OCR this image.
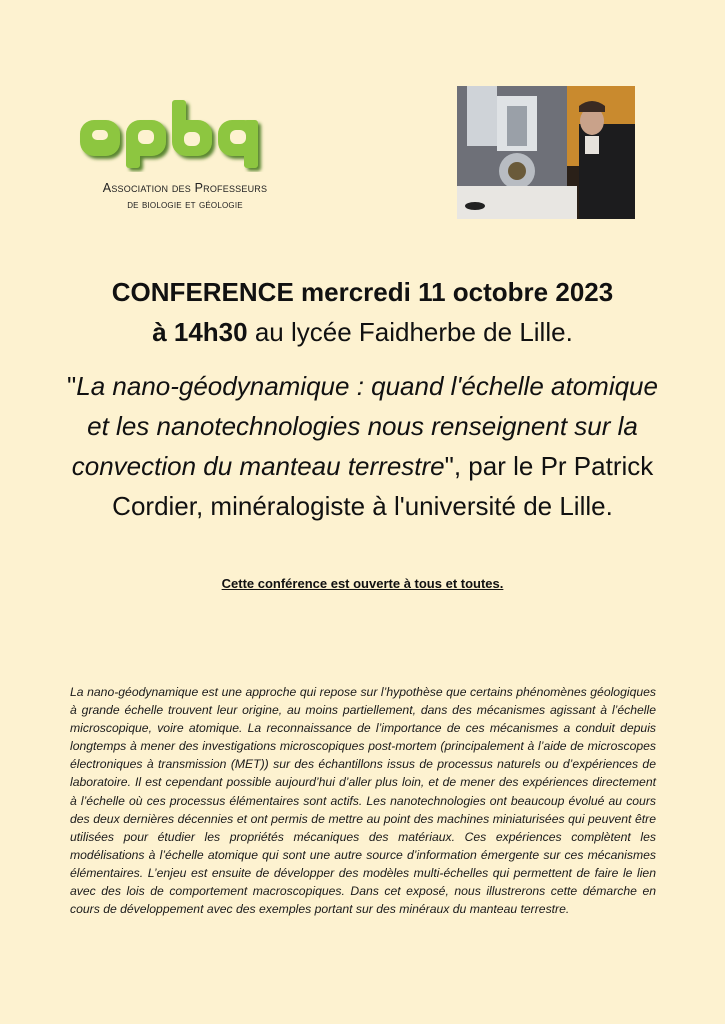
Association des Professeurs
de biologie et géologie
CONFERENCE mercredi 11 octobre 2023
à 14h30 au lycée Faidherbe de Lille.
"La nano-géodynamique : quand l'échelle atomique et les nanotechnologies nous renseignent sur la convection du manteau terrestre", par le Pr Patrick Cordier, minéralogiste à l'université de Lille.
Cette conférence est ouverte à tous et toutes.
La nano-géodynamique est une approche qui repose sur l’hypothèse que certains phénomènes géologiques à grande échelle trouvent leur origine, au moins partiellement, dans des mécanismes agissant à l’échelle microscopique, voire atomique. La reconnaissance de l’importance de ces mécanismes a conduit depuis longtemps à mener des investigations microscopiques post-mortem (principalement à l’aide de microscopes électroniques à transmission (MET)) sur des échantillons issus de processus naturels ou d’expériences de laboratoire. Il est cependant possible aujourd’hui d’aller plus loin, et de mener des expériences directement à l’échelle où ces processus élémentaires sont actifs. Les nanotechnologies ont beaucoup évolué au cours des deux dernières décennies et ont permis de mettre au point des machines miniaturisées qui peuvent être utilisées pour étudier les propriétés mécaniques des matériaux. Ces expériences complètent les modélisations à l’échelle atomique qui sont une autre source d’information émergente sur ces mécanismes élémentaires. L’enjeu est ensuite de développer des modèles multi-échelles qui permettent de faire le lien avec des lois de comportement macroscopiques. Dans cet exposé, nous illustrerons cette démarche en cours de développement avec des exemples portant sur des minéraux du manteau terrestre.
